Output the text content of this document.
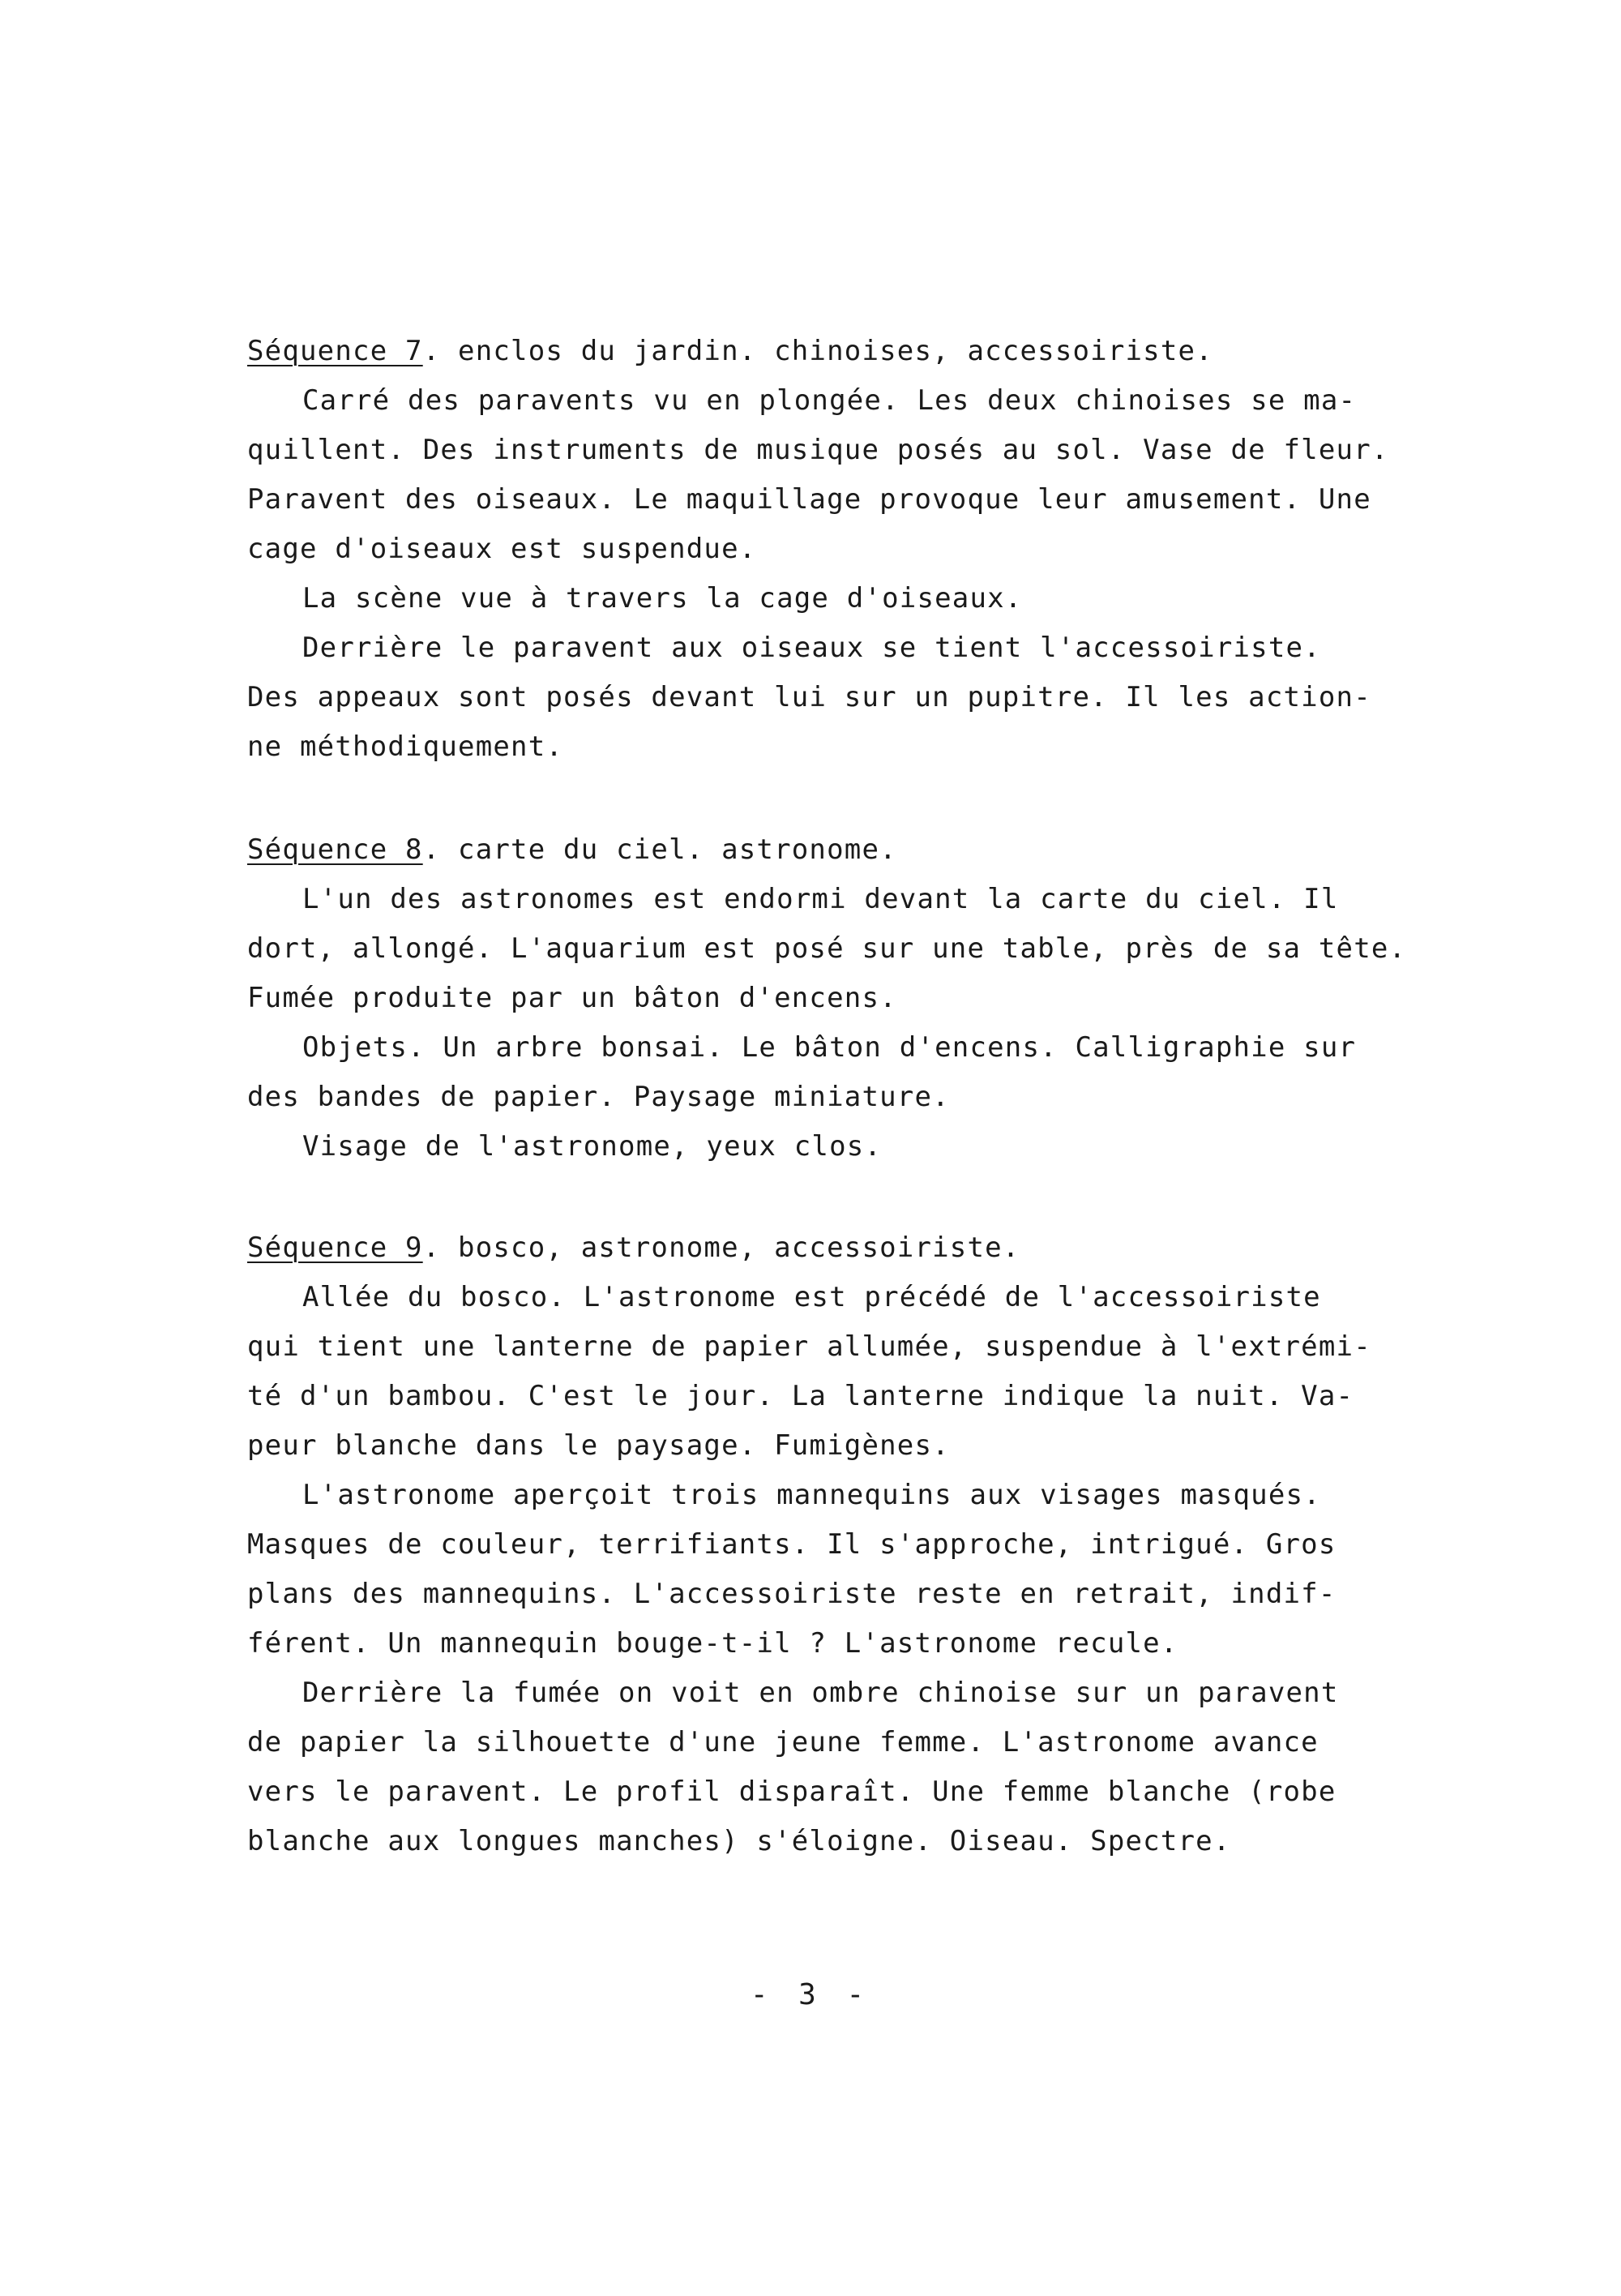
Séquence 7. enclos du jardin. chinoises, accessoiriste.
Carré des paravents vu en plongée. Les deux chinoises se ma-
quillent. Des instruments de musique posés au sol. Vase de fleur.
Paravent des oiseaux. Le maquillage provoque leur amusement. Une
cage d'oiseaux est suspendue.
La scène vue à travers la cage d'oiseaux.
Derrière le paravent aux oiseaux se tient l'accessoiriste.
Des appeaux sont posés devant lui sur un pupitre. Il les action-
ne méthodiquement.
Séquence 8. carte du ciel. astronome.
L'un des astronomes est endormi devant la carte du ciel. Il
dort, allongé. L'aquarium est posé sur une table, près de sa tête.
Fumée produite par un bâton d'encens.
Objets. Un arbre bonsai. Le bâton d'encens. Calligraphie sur
des bandes de papier. Paysage miniature.
Visage de l'astronome, yeux clos.
Séquence 9. bosco, astronome, accessoiriste.
Allée du bosco. L'astronome est précédé de l'accessoiriste
qui tient une lanterne de papier allumée, suspendue à l'extrémi-
té d'un bambou. C'est le jour. La lanterne indique la nuit. Va-
peur blanche dans le paysage. Fumigènes.
L'astronome aperçoit trois mannequins aux visages masqués.
Masques de couleur, terrifiants. Il s'approche, intrigué. Gros
plans des mannequins. L'accessoiriste reste en retrait, indif-
férent. Un mannequin bouge-t-il ? L'astronome recule.
Derrière la fumée on voit en ombre chinoise sur un paravent
de papier la silhouette d'une jeune femme. L'astronome avance
vers le paravent. Le profil disparaît. Une femme blanche (robe
blanche aux longues manches) s'éloigne. Oiseau. Spectre.
- 3 -
